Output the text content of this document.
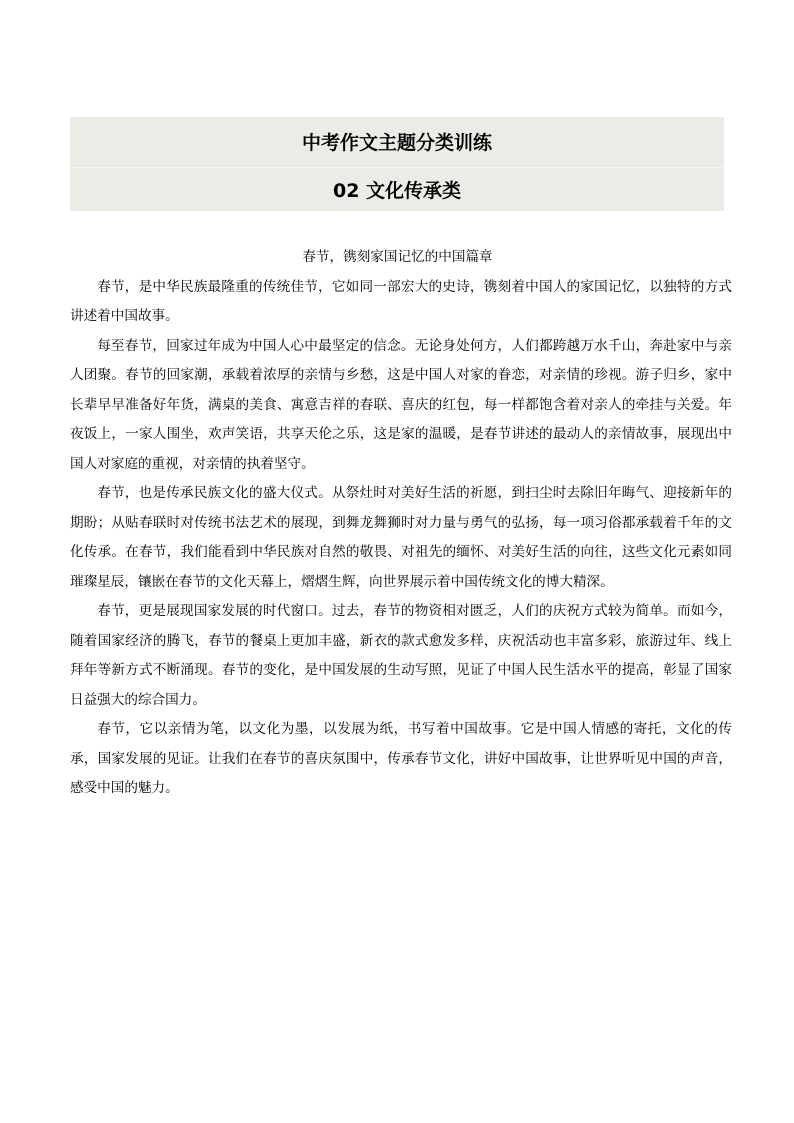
中考作文主题分类训练
02 文化传承类

春节，镌刻家国记忆的中国篇章

春节，是中华民族最隆重的传统佳节，它如同一部宏大的史诗，镌刻着中国人的家国记忆，以独特的方式讲述着中国故事。

每至春节，回家过年成为中国人心中最坚定的信念。无论身处何方，人们都跨越万水千山，奔赴家中与亲人团聚。春节的回家潮，承载着浓厚的亲情与乡愁，这是中国人对家的眷恋，对亲情的珍视。游子归乡，家中长辈早早准备好年货，满桌的美食、寓意吉祥的春联、喜庆的红包，每一样都饱含着对亲人的牵挂与关爱。年夜饭上，一家人围坐，欢声笑语，共享天伦之乐，这是家的温暖，是春节讲述的最动人的亲情故事，展现出中国人对家庭的重视，对亲情的执着坚守。

春节，也是传承民族文化的盛大仪式。从祭灶时对美好生活的祈愿，到扫尘时去除旧年晦气、迎接新年的期盼；从贴春联时对传统书法艺术的展现，到舞龙舞狮时对力量与勇气的弘扬，每一项习俗都承载着千年的文化传承。在春节，我们能看到中华民族对自然的敬畏、对祖先的缅怀、对美好生活的向往，这些文化元素如同璀璨星辰，镶嵌在春节的文化天幕上，熠熠生辉，向世界展示着中国传统文化的博大精深。

春节，更是展现国家发展的时代窗口。过去，春节的物资相对匮乏，人们的庆祝方式较为简单。而如今，随着国家经济的腾飞，春节的餐桌上更加丰盛，新衣的款式愈发多样，庆祝活动也丰富多彩，旅游过年、线上拜年等新方式不断涌现。春节的变化，是中国发展的生动写照，见证了中国人民生活水平的提高，彰显了国家日益强大的综合国力。

春节，它以亲情为笔，以文化为墨，以发展为纸，书写着中国故事。它是中国人情感的寄托，文化的传承，国家发展的见证。让我们在春节的喜庆氛围中，传承春节文化，讲好中国故事，让世界听见中国的声音，感受中国的魅力。
